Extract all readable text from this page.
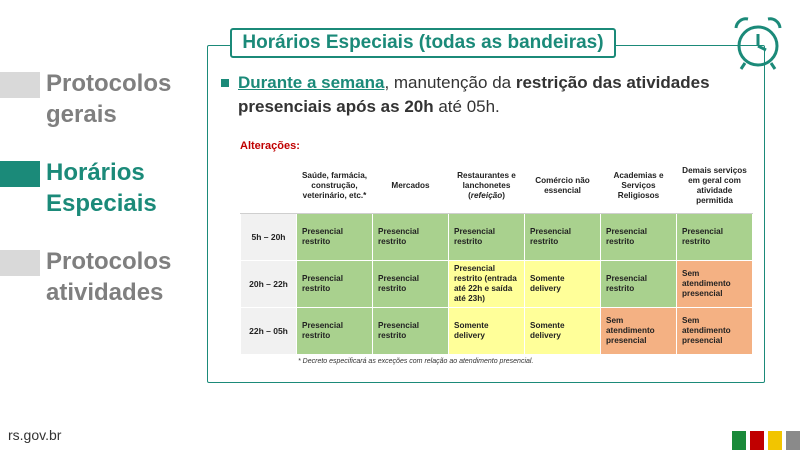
Protocolos
gerais
Horários
Especiais
Protocolos
atividades
Horários Especiais (todas as bandeiras)
Durante a semana, manutenção da restrição das atividades presenciais após as 20h até 05h.
Alterações:
	Saúde, farmácia, construção, veterinário, etc.*	Mercados	Restaurantes e lanchonetes (refeição)	Comércio não essencial	Academias e Serviços Religiosos	Demais serviços em geral com atividade permitida
5h – 20h	Presencial restrito	Presencial restrito	Presencial restrito	Presencial restrito	Presencial restrito	Presencial restrito
20h – 22h	Presencial restrito	Presencial restrito	Presencial restrito (entrada até 22h e saída até 23h)	Somente delivery	Presencial restrito	Sem atendimento presencial
22h – 05h	Presencial restrito	Presencial restrito	Somente delivery	Somente delivery	Sem atendimento presencial	Sem atendimento presencial
* Decreto especificará as exceções com relação ao atendimento presencial.
rs.gov.br
